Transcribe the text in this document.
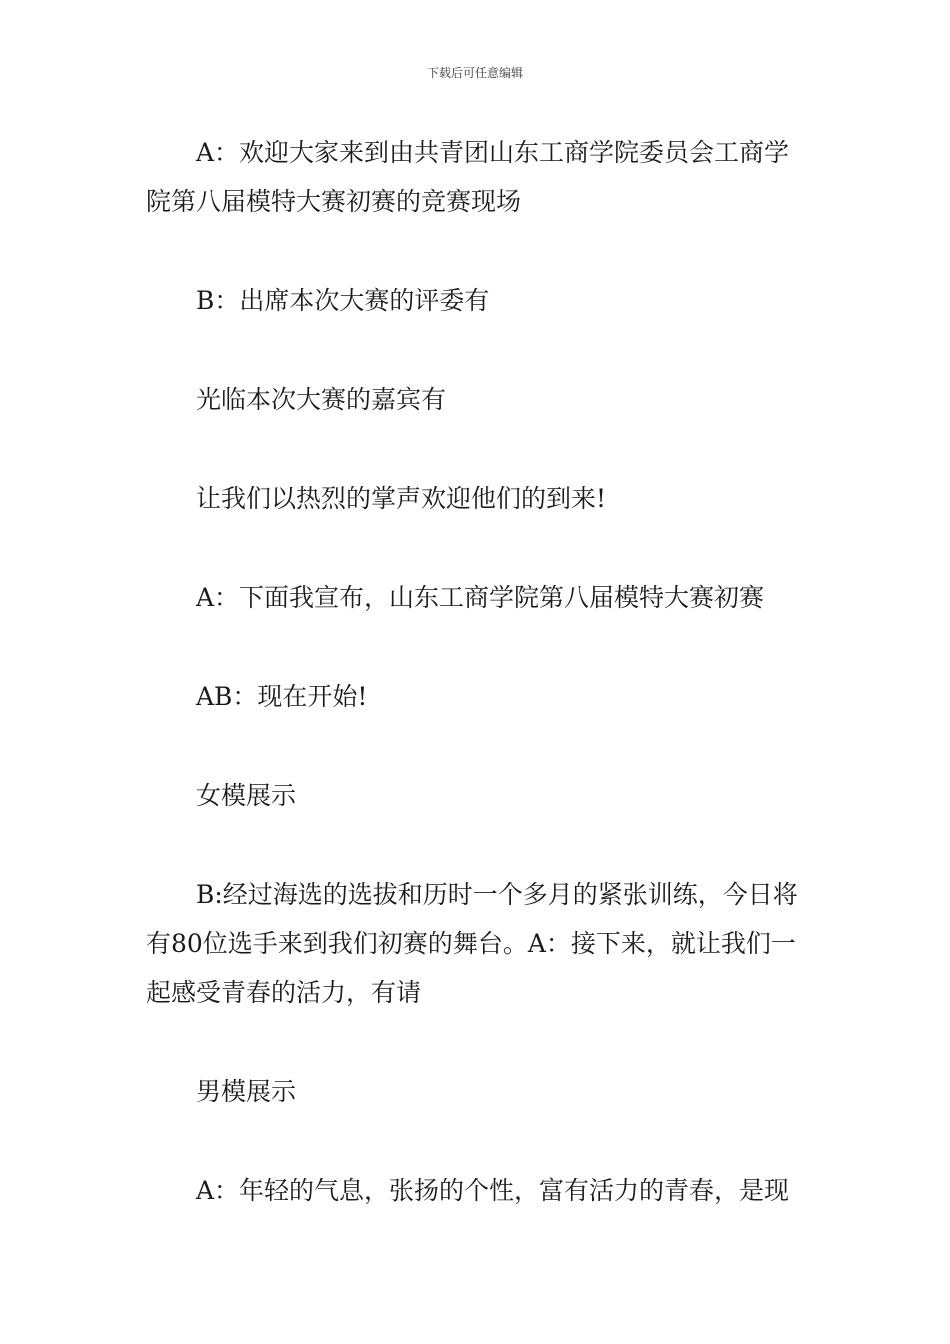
下载后可任意编辑

A：欢迎大家来到由共青团山东工商学院委员会工商学院第八届模特大赛初赛的竞赛现场

B：出席本次大赛的评委有

光临本次大赛的嘉宾有

让我们以热烈的掌声欢迎他们的到来!

A：下面我宣布，山东工商学院第八届模特大赛初赛

AB：现在开始!

女模展示

B:经过海选的选拔和历时一个多月的紧张训练，今日将有80位选手来到我们初赛的舞台。A：接下来，就让我们一起感受青春的活力，有请

男模展示

A：年轻的气息，张扬的个性，富有活力的青春，是现
